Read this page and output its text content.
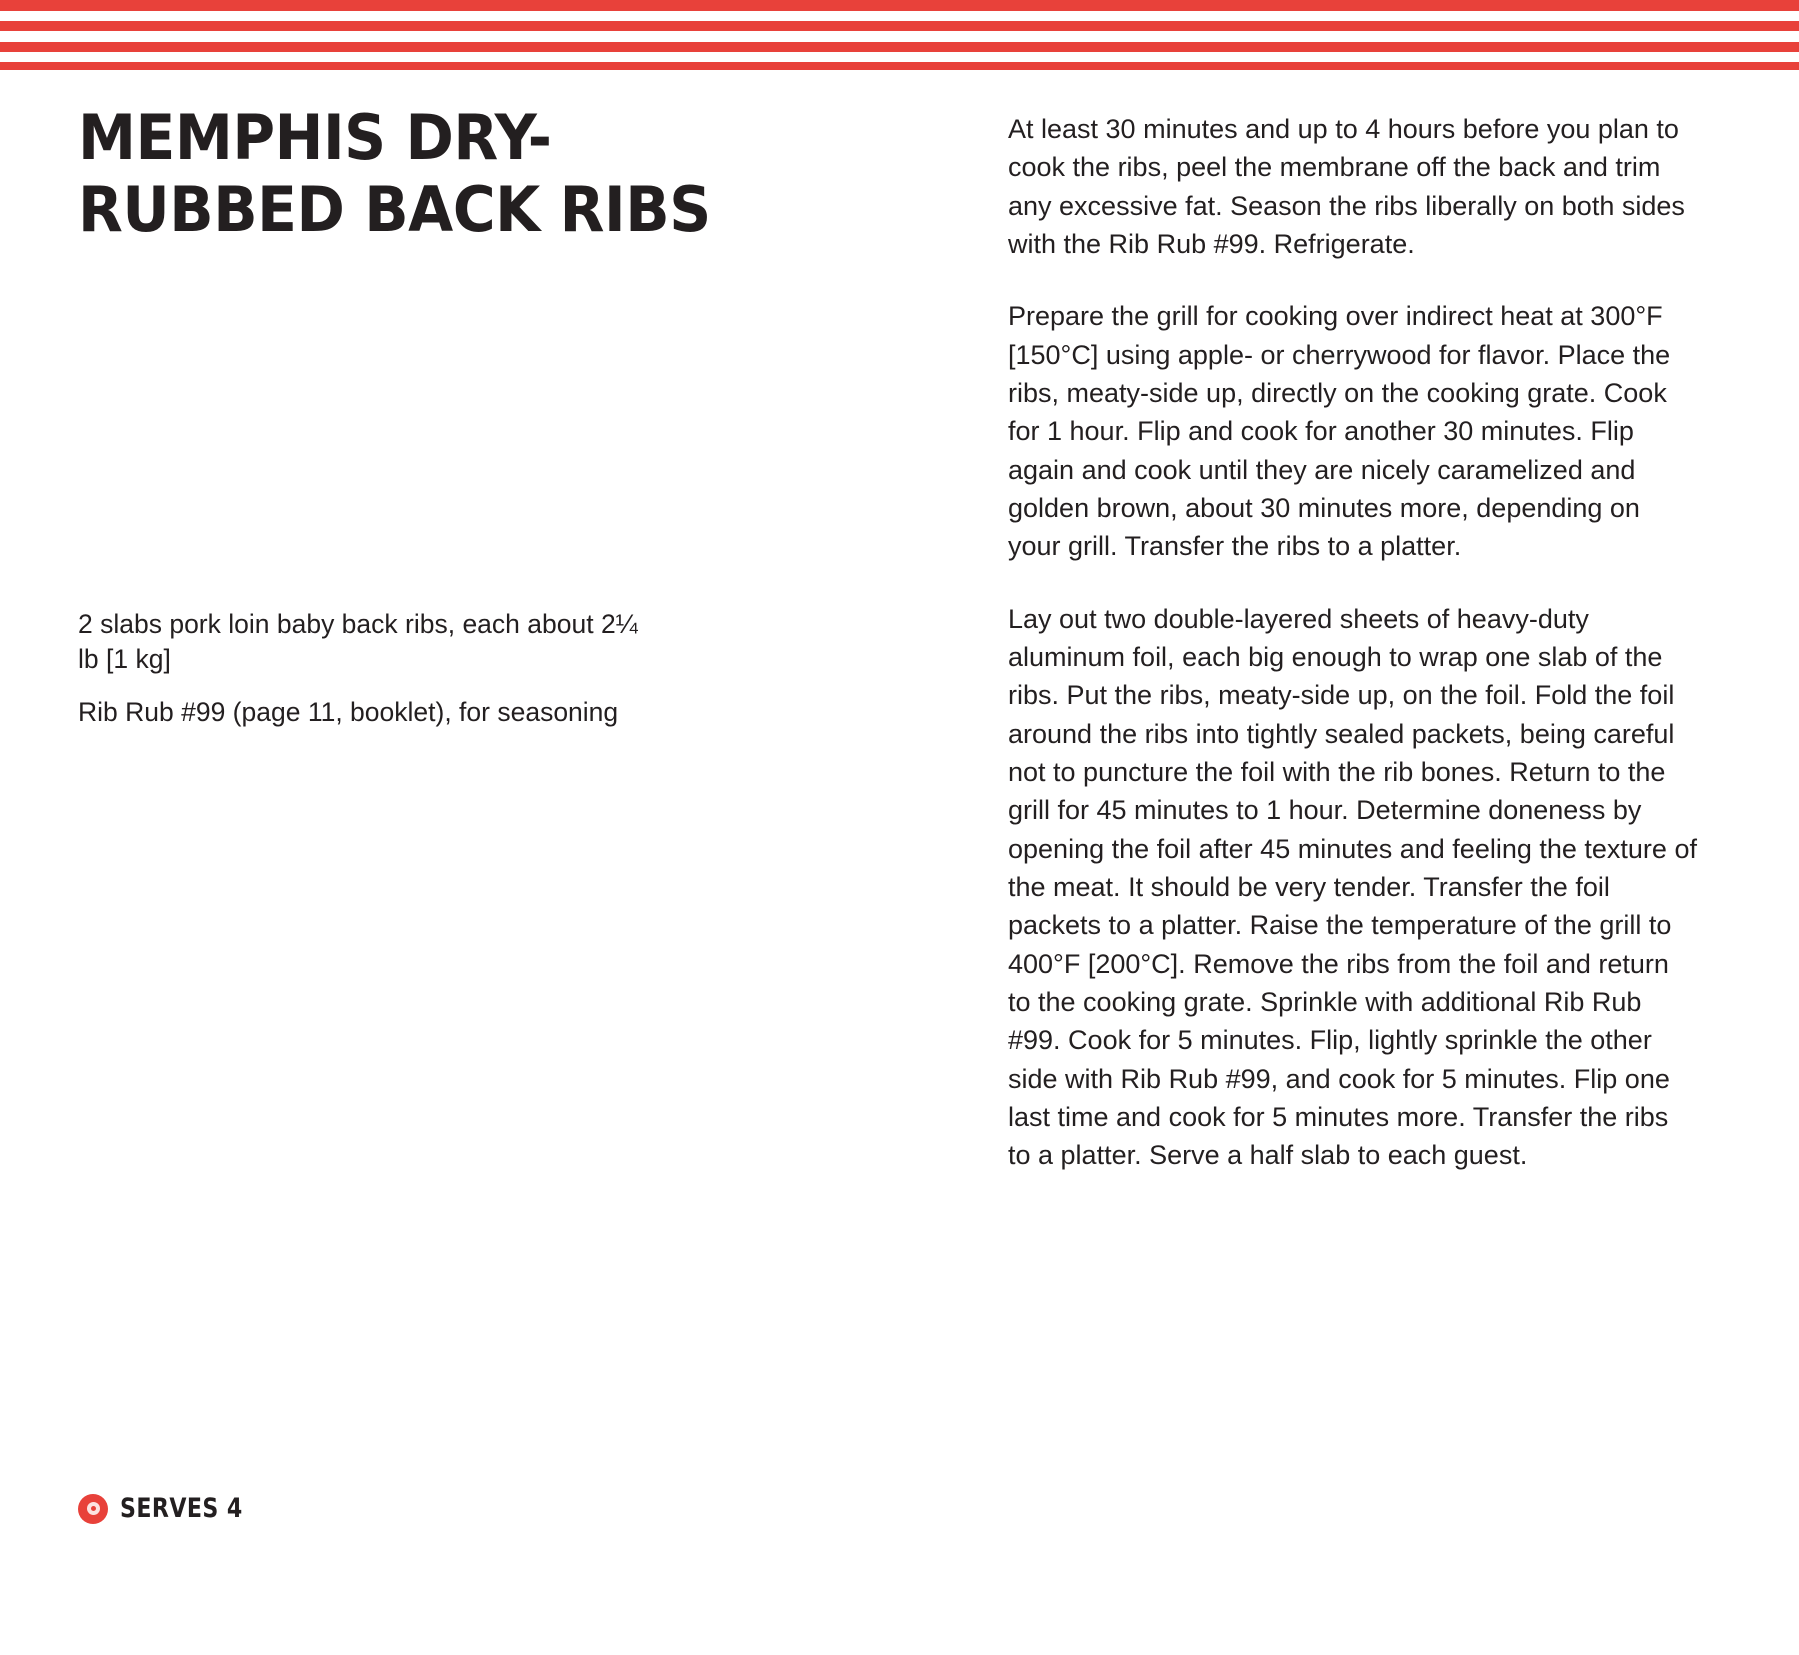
MEMPHIS DRY-RUBBED BACK RIBS

2 slabs pork loin baby back ribs, each about 2¼ lb [1 kg]

Rib Rub #99 (page 11, booklet), for seasoning

SERVES 4

At least 30 minutes and up to 4 hours before you plan to cook the ribs, peel the membrane off the back and trim any excessive fat. Season the ribs liberally on both sides with the Rib Rub #99. Refrigerate.

Prepare the grill for cooking over indirect heat at 300°F [150°C] using apple- or cherrywood for flavor. Place the ribs, meaty-side up, directly on the cooking grate. Cook for 1 hour. Flip and cook for another 30 minutes. Flip again and cook until they are nicely caramelized and golden brown, about 30 minutes more, depending on your grill. Transfer the ribs to a platter.

Lay out two double-layered sheets of heavy-duty aluminum foil, each big enough to wrap one slab of the ribs. Put the ribs, meaty-side up, on the foil. Fold the foil around the ribs into tightly sealed packets, being careful not to puncture the foil with the rib bones. Return to the grill for 45 minutes to 1 hour. Determine doneness by opening the foil after 45 minutes and feeling the texture of the meat. It should be very tender. Transfer the foil packets to a platter. Raise the temperature of the grill to 400°F [200°C]. Remove the ribs from the foil and return to the cooking grate. Sprinkle with additional Rib Rub #99. Cook for 5 minutes. Flip, lightly sprinkle the other side with Rib Rub #99, and cook for 5 minutes. Flip one last time and cook for 5 minutes more. Transfer the ribs to a platter. Serve a half slab to each guest.
